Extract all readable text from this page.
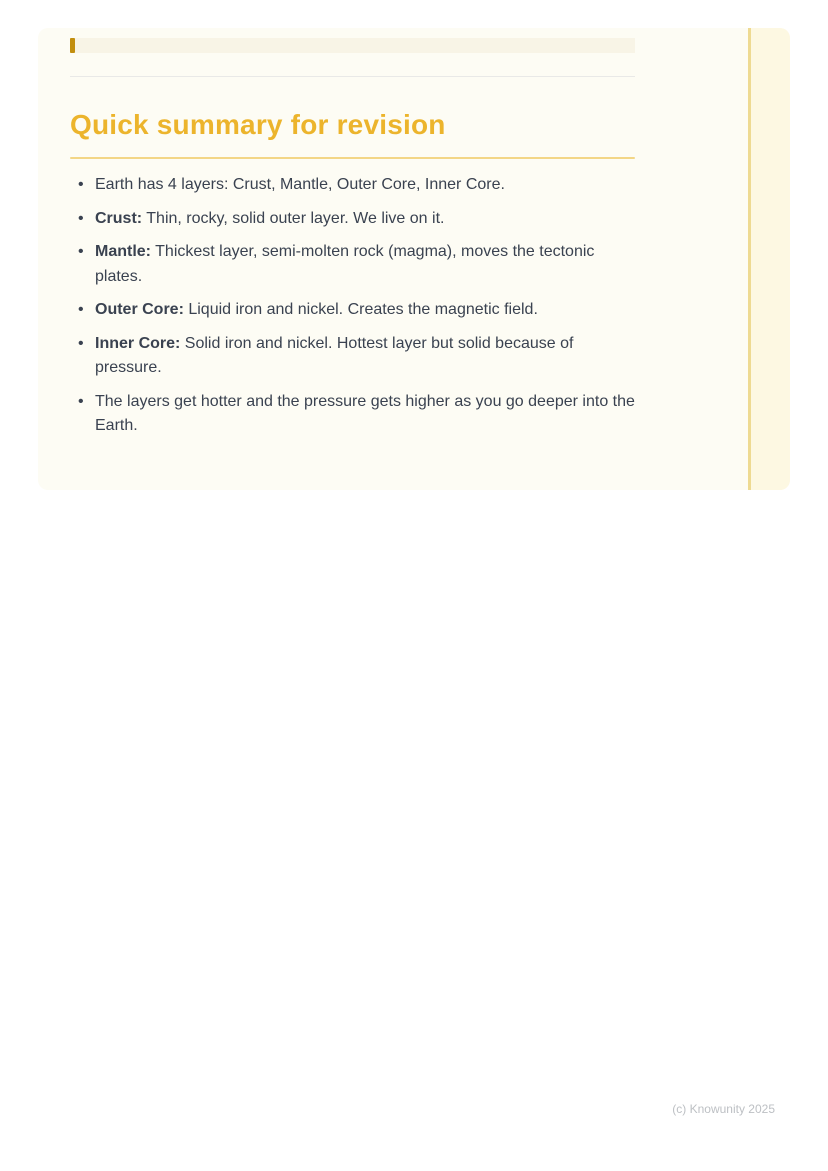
Quick summary for revision
• Earth has 4 layers: Crust, Mantle, Outer Core, Inner Core.
• Crust: Thin, rocky, solid outer layer. We live on it.
• Mantle: Thickest layer, semi-molten rock (magma), moves the tectonic plates.
• Outer Core: Liquid iron and nickel. Creates the magnetic field.
• Inner Core: Solid iron and nickel. Hottest layer but solid because of pressure.
• The layers get hotter and the pressure gets higher as you go deeper into the Earth.
(c) Knowunity 2025
